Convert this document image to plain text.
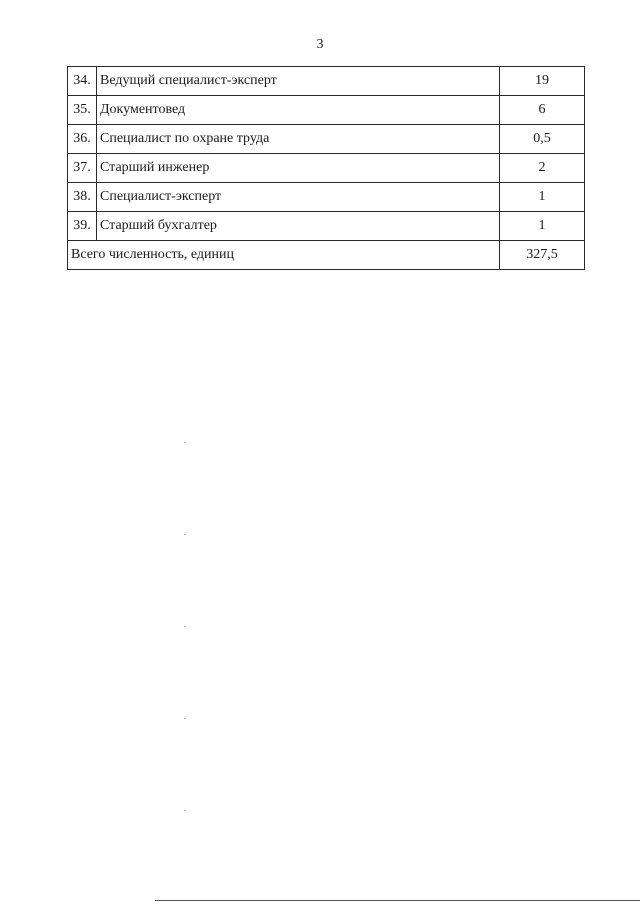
3
34.	Ведущий специалист-эксперт	19
35.	Документовед	6
36.	Специалист по охране труда	0,5
37.	Старший инженер	2
38.	Специалист-эксперт	1
39.	Старший бухгалтер	1
Всего численность, единиц		327,5
